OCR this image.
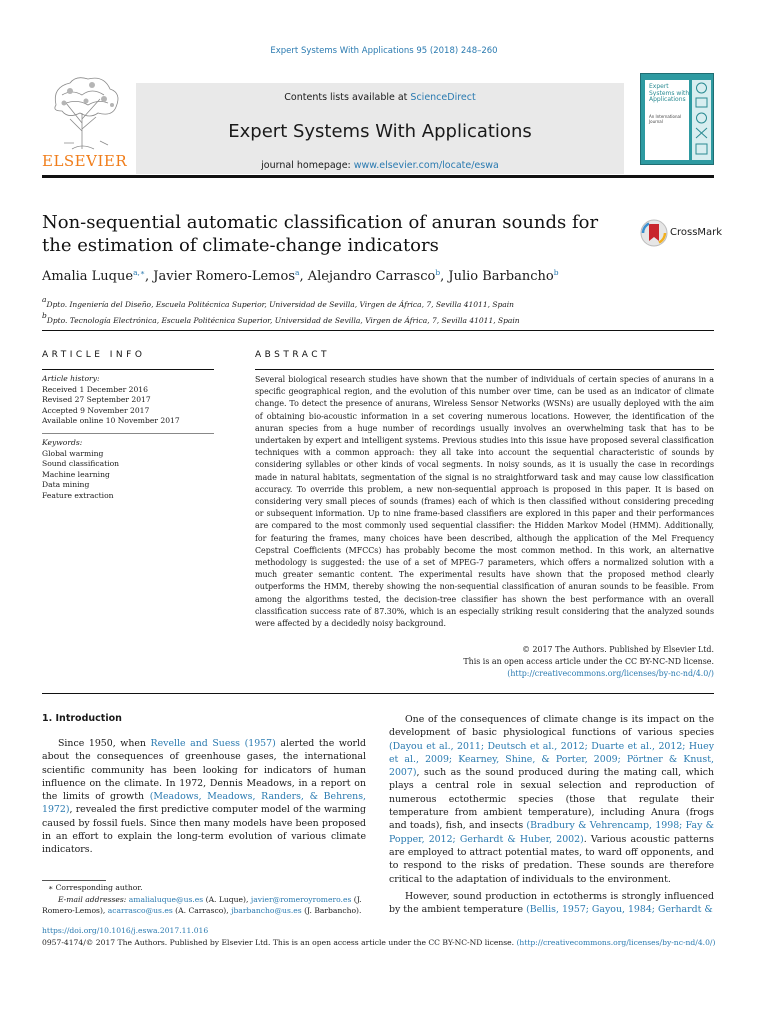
Expert Systems With Applications 95 (2018) 248–260
ELSEVIER
Contents lists available at ScienceDirect
Expert Systems With Applications
journal homepage: www.elsevier.com/locate/eswa
Expert Systems with Applications
An International Journal
Non-sequential automatic classification of anuran sounds for the estimation of climate-change indicators
CrossMark
Amalia Luque$^{a,∗}$, Javier Romero-Lemos$^a$, Alejandro Carrasco$^b$, Julio Barbancho$^b$
$^a$Dpto. Ingeniería del Diseño, Escuela Politécnica Superior, Universidad de Sevilla, Virgen de África, 7, Sevilla 41011, Spain
$^b$Dpto. Tecnología Electrónica, Escuela Politécnica Superior, Universidad de Sevilla, Virgen de África, 7, Sevilla 41011, Spain
ARTICLE INFO	ABSTRACT
Article history:
Received 1 December 2016
Revised 27 September 2017
Accepted 9 November 2017
Available online 10 November 2017
Keywords:
Global warming
Sound classification
Machine learning
Data mining
Feature extraction
Several biological research studies have shown that the number of individuals of certain species of anurans in a specific geographical region, and the evolution of this number over time, can be used as an indicator of climate change. To detect the presence of anurans, Wireless Sensor Networks (WSNs) are usually deployed with the aim of obtaining bio-acoustic information in a set covering numerous locations. However, the identification of the anuran species from a huge number of recordings usually involves an overwhelming task that has to be undertaken by expert and intelligent systems. Previous studies into this issue have proposed several classification techniques with a common approach: they all take into account the sequential characteristic of sounds by considering syllables or other kinds of vocal segments. In noisy sounds, as it is usually the case in recordings made in natural habitats, segmentation of the signal is no straightforward task and may cause low classification accuracy. To override this problem, a new non-sequential approach is proposed in this paper. It is based on considering very small pieces of sounds (frames) each of which is then classified without considering preceding or subsequent information. Up to nine frame-based classifiers are explored in this paper and their performances are compared to the most commonly used sequential classifier: the Hidden Markov Model (HMM). Additionally, for featuring the frames, many choices have been described, although the application of the Mel Frequency Cepstral Coefficients (MFCCs) has probably become the most common method. In this work, an alternative methodology is suggested: the use of a set of MPEG-7 parameters, which offers a normalized solution with a much greater semantic content. The experimental results have shown that the proposed method clearly outperforms the HMM, thereby showing the non-sequential classification of anuran sounds to be feasible. From among the algorithms tested, the decision-tree classifier has shown the best performance with an overall classification success rate of 87.30%, which is an especially striking result considering that the analyzed sounds were affected by a decidedly noisy background.
© 2017 The Authors. Published by Elsevier Ltd.
This is an open access article under the CC BY-NC-ND license.
(http://creativecommons.org/licenses/by-nc-nd/4.0/)
1. Introduction
Since 1950, when Revelle and Suess (1957) alerted the world about the consequences of greenhouse gases, the international scientific community has been looking for indicators of human influence on the climate. In 1972, Dennis Meadows, in a report on the limits of growth (Meadows, Meadows, Randers, & Behrens, 1972), revealed the first predictive computer model of the warming caused by fossil fuels. Since then many models have been proposed in an effort to explain the long-term evolution of various climate indicators.
One of the consequences of climate change is its impact on the development of basic physiological functions of various species (Dayou et al., 2011; Deutsch et al., 2012; Duarte et al., 2012; Huey et al., 2009; Kearney, Shine, & Porter, 2009; Pörtner & Knust, 2007), such as the sound produced during the mating call, which plays a central role in sexual selection and reproduction of numerous ectothermic species (those that regulate their temperature from ambient temperature), including Anura (frogs and toads), fish, and insects (Bradbury & Vehrencamp, 1998; Fay & Popper, 2012; Gerhardt & Huber, 2002). Various acoustic patterns are employed to attract potential mates, to ward off opponents, and to respond to the risks of predation. These sounds are therefore critical to the adaptation of individuals to the environment.
However, sound production in ectotherms is strongly influenced by the ambient temperature (Bellis, 1957; Gayou, 1984; Gerhardt &
∗ Corresponding author.
E-mail addresses: amalialuque@us.es (A. Luque), javier@romeroyromero.es (J. Romero-Lemos), acarrasco@us.es (A. Carrasco), jbarbancho@us.es (J. Barbancho).
https://doi.org/10.1016/j.eswa.2017.11.016
0957-4174/© 2017 The Authors. Published by Elsevier Ltd. This is an open access article under the CC BY-NC-ND license. (http://creativecommons.org/licenses/by-nc-nd/4.0/)
